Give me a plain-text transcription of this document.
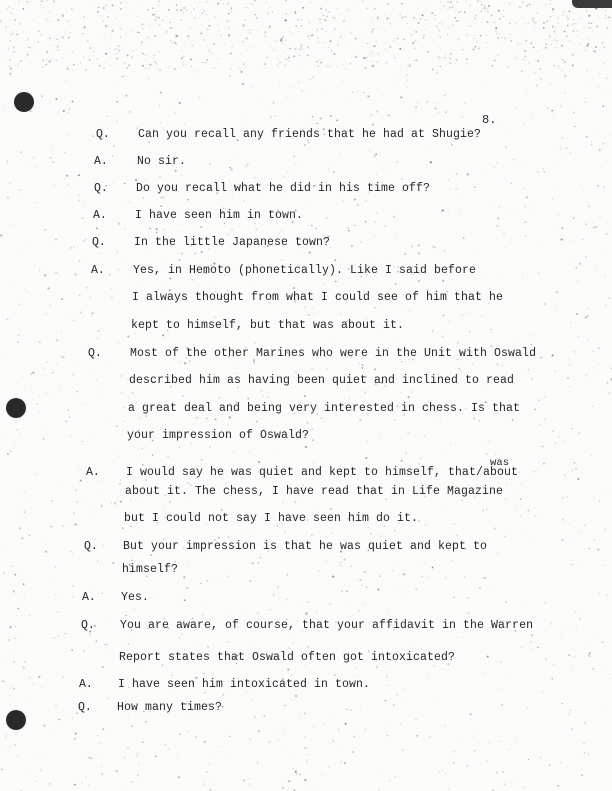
8.
Q. Can you recall any friends that he had at Shugie?
A.	No sir.
Q. Do you recall what he did in his time off?
A. I have seen him in town.
Q. In the little Japanese town?
A. Yes, in Hemoto (phonetically). Like I said before
I always thought from what I could see of him that he
kept to himself, but that was about it.
Q. Most of the other Marines who were in the Unit with Oswald
described him as having been quiet and inclined to read
a great deal and being very interested in chess. Is that
your impression of Oswald?
was
A. I would say he was quiet and kept to himself, that/about
about it. The chess, I have read that in Life Magazine
but I could not say I have seen him do it.
Q. But your impression is that he was quiet and kept to
himself?
A. Yes.
Q. You are aware, of course, that your affidavit in the Warren
Report states that Oswald often got intoxicated?
A. I have seen him intoxicated in town.
Q. How many times?
